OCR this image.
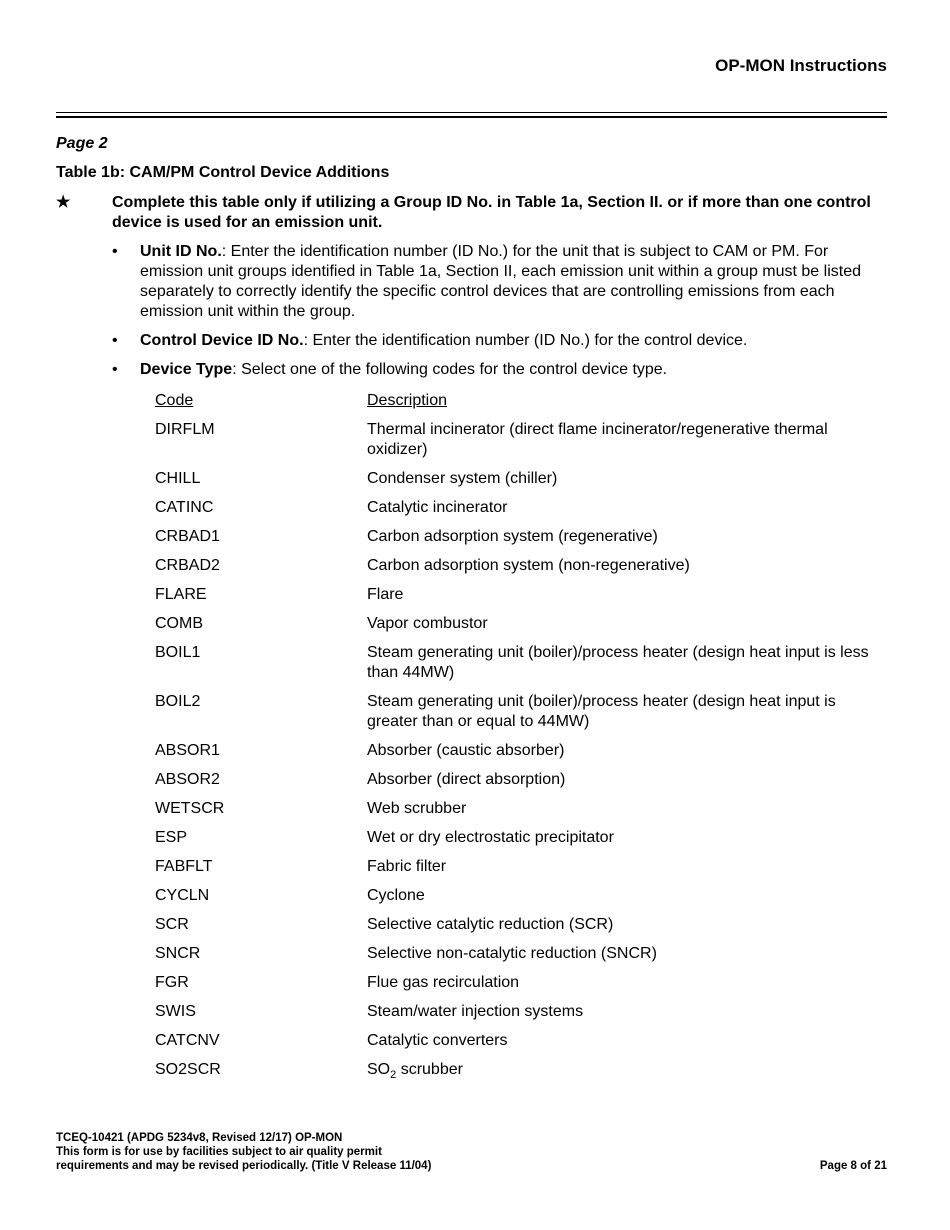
OP-MON Instructions
Page 2
Table 1b: CAM/PM Control Device Additions
★	Complete this table only if utilizing a Group ID No. in Table 1a, Section II. or if more than one control device is used for an emission unit.
• Unit ID No.: Enter the identification number (ID No.) for the unit that is subject to CAM or PM. For emission unit groups identified in Table 1a, Section II, each emission unit within a group must be listed separately to correctly identify the specific control devices that are controlling emissions from each emission unit within the group.
• Control Device ID No.: Enter the identification number (ID No.) for the control device.
• Device Type: Select one of the following codes for the control device type.
Code	Description
DIRFLM	Thermal incinerator (direct flame incinerator/regenerative thermal oxidizer)
CHILL	Condenser system (chiller)
CATINC	Catalytic incinerator
CRBAD1	Carbon adsorption system (regenerative)
CRBAD2	Carbon adsorption system (non-regenerative)
FLARE	Flare
COMB	Vapor combustor
BOIL1	Steam generating unit (boiler)/process heater (design heat input is less than 44MW)
BOIL2	Steam generating unit (boiler)/process heater (design heat input is greater than or equal to 44MW)
ABSOR1	Absorber (caustic absorber)
ABSOR2	Absorber (direct absorption)
WETSCR	Web scrubber
ESP	Wet or dry electrostatic precipitator
FABFLT	Fabric filter
CYCLN	Cyclone
SCR	Selective catalytic reduction (SCR)
SNCR	Selective non-catalytic reduction (SNCR)
FGR	Flue gas recirculation
SWIS	Steam/water injection systems
CATCNV	Catalytic converters
SO2SCR	$SO_2$ scrubber
TCEQ-10421 (APDG 5234v8, Revised 12/17) OP-MON
This form is for use by facilities subject to air quality permit
requirements and may be revised periodically. (Title V Release 11/04)	Page 8 of 21
